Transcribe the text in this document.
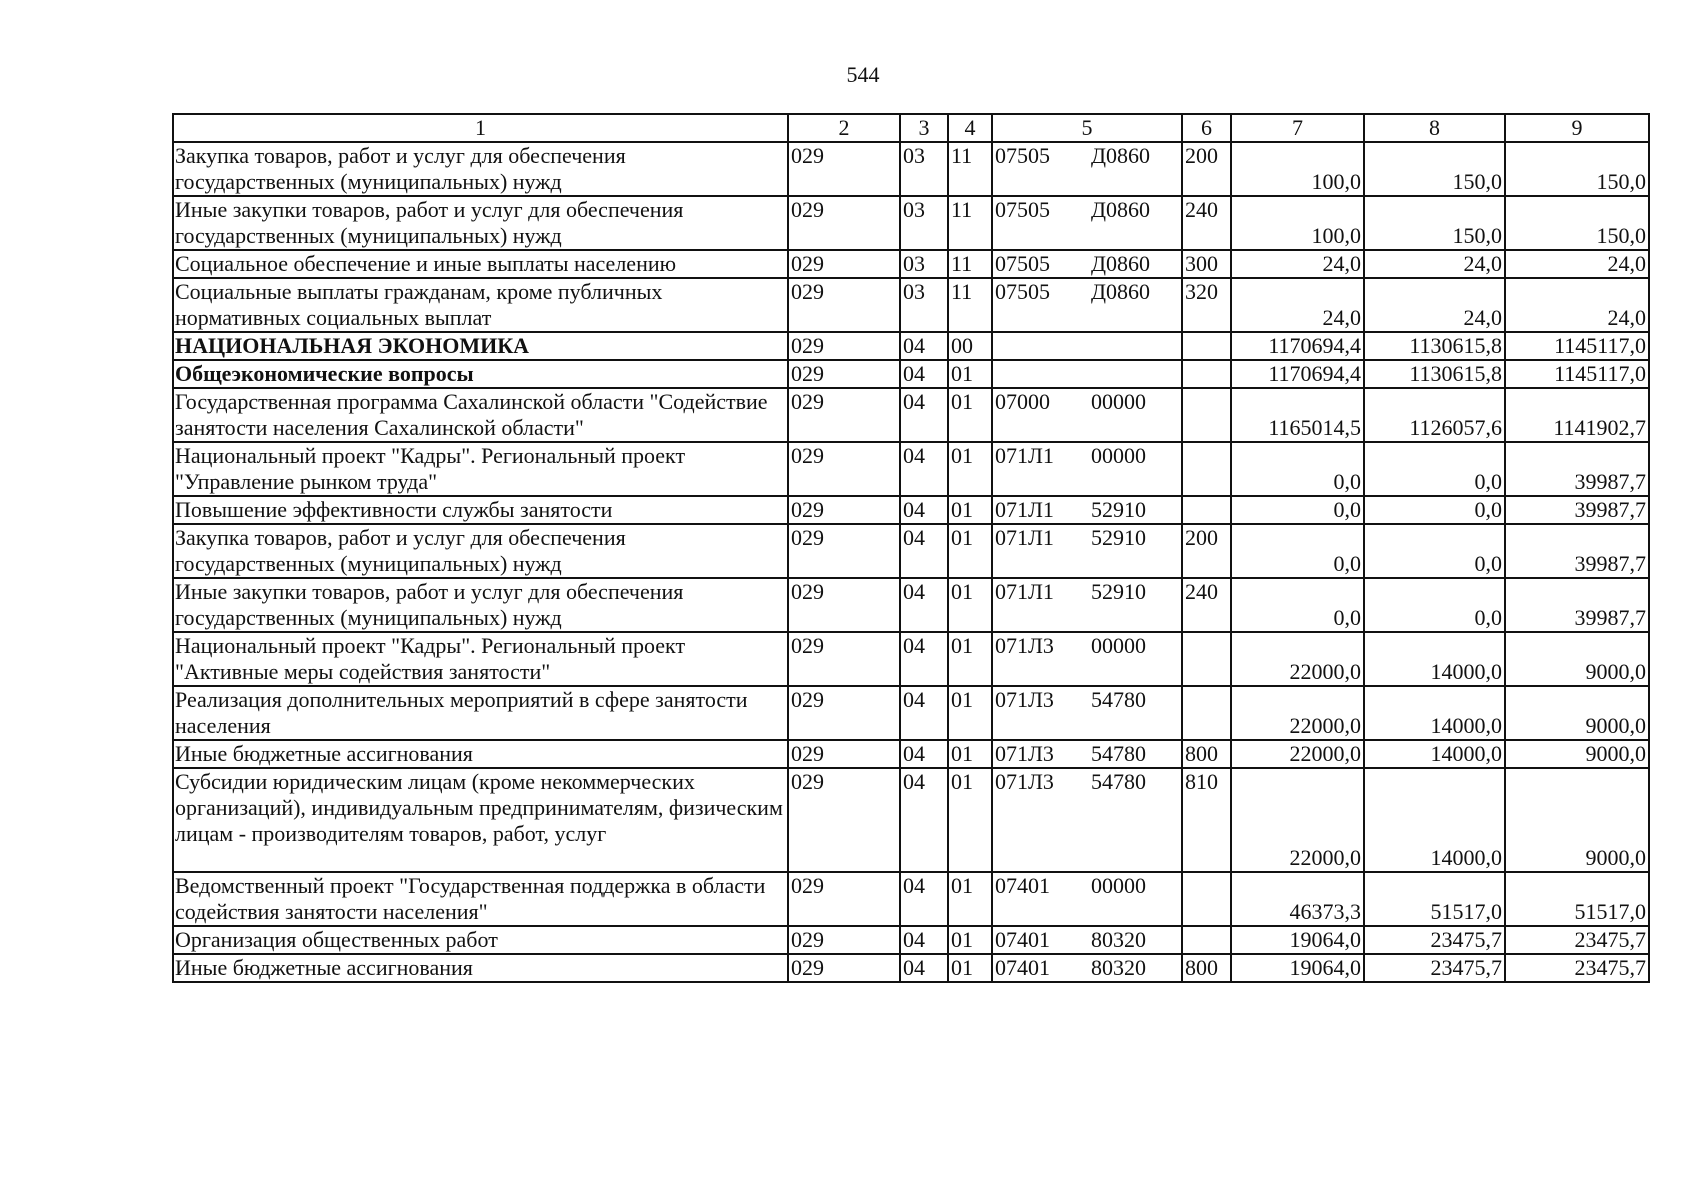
544
1	2	3	4	5	6	7	8	9
Закупка товаров, работ и услуг для обеспечения государственных (муниципальных) нужд	029	03	11	07505 Д0860	200	100,0	150,0	150,0
Иные закупки товаров, работ и услуг для обеспечения государственных (муниципальных) нужд	029	03	11	07505 Д0860	240	100,0	150,0	150,0
Социальное обеспечение и иные выплаты населению	029	03	11	07505 Д0860	300	24,0	24,0	24,0
Социальные выплаты гражданам, кроме публичных нормативных социальных выплат	029	03	11	07505 Д0860	320	24,0	24,0	24,0
НАЦИОНАЛЬНАЯ ЭКОНОМИКА	029	04	00			1170694,4	1130615,8	1145117,0
Общеэкономические вопросы	029	04	01			1170694,4	1130615,8	1145117,0
Государственная программа Сахалинской области "Содействие занятости населения Сахалинской области"	029	04	01	07000 00000		1165014,5	1126057,6	1141902,7
Национальный проект "Кадры". Региональный проект "Управление рынком труда"	029	04	01	071Л1 00000		0,0	0,0	39987,7
Повышение эффективности службы занятости	029	04	01	071Л1 52910		0,0	0,0	39987,7
Закупка товаров, работ и услуг для обеспечения государственных (муниципальных) нужд	029	04	01	071Л1 52910	200	0,0	0,0	39987,7
Иные закупки товаров, работ и услуг для обеспечения государственных (муниципальных) нужд	029	04	01	071Л1 52910	240	0,0	0,0	39987,7
Национальный проект "Кадры". Региональный проект "Активные меры содействия занятости"	029	04	01	071Л3 00000		22000,0	14000,0	9000,0
Реализация дополнительных мероприятий в сфере занятости населения	029	04	01	071Л3 54780		22000,0	14000,0	9000,0
Иные бюджетные ассигнования	029	04	01	071Л3 54780	800	22000,0	14000,0	9000,0
Субсидии юридическим лицам (кроме некоммерческих организаций), индивидуальным предпринимателям, физическим лицам - производителям товаров, работ, услуг	029	04	01	071Л3 54780	810	22000,0	14000,0	9000,0
Ведомственный проект "Государственная поддержка в области содействия занятости населения"	029	04	01	07401 00000		46373,3	51517,0	51517,0
Организация общественных работ	029	04	01	07401 80320		19064,0	23475,7	23475,7
Иные бюджетные ассигнования	029	04	01	07401 80320	800	19064,0	23475,7	23475,7
